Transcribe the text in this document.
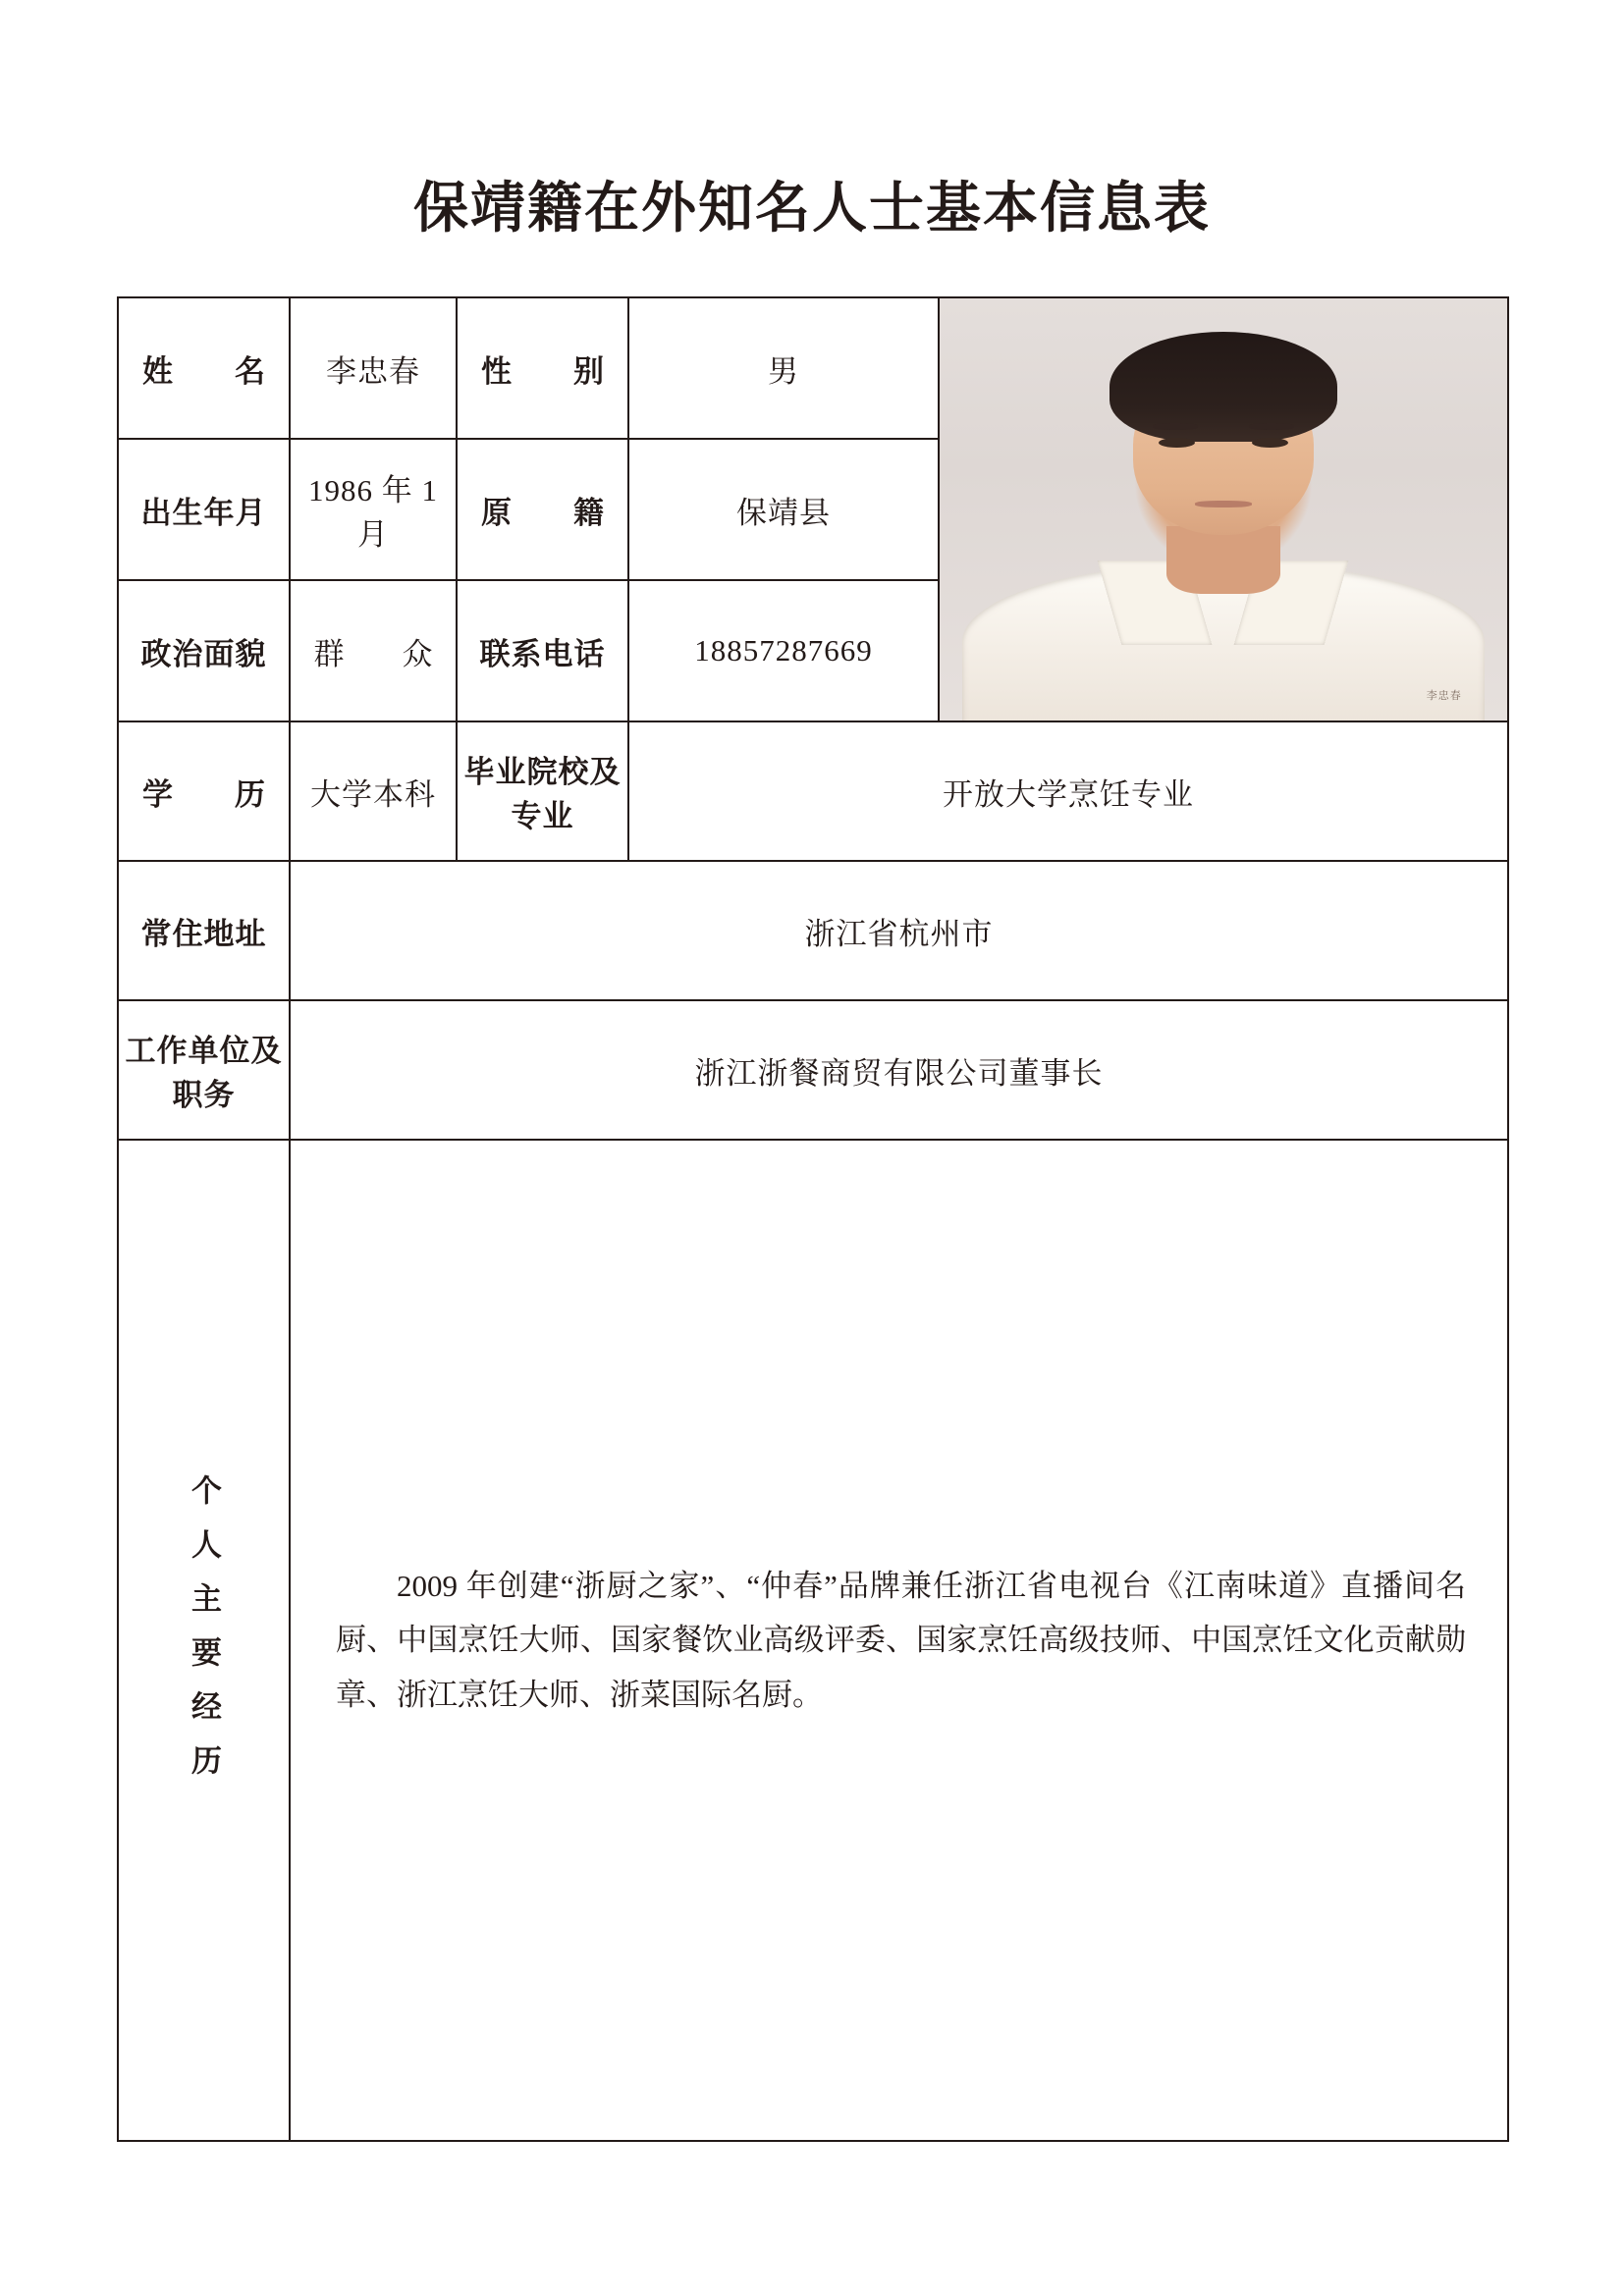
保靖籍在外知名人士基本信息表
姓　名	李忠春	性　别	男	李忠春

出生年月	1986 年 1 月	原　籍	保靖县	
政治面貌	群　众	联系电话	18857287669	
学　历	大学本科	毕业院校及专业	开放大学烹饪专业	
常住地址	浙江省杭州市			
工作单位及职务	浙江浙餐商贸有限公司董事长			
个人主要经历	2009 年创建“浙厨之家”、“仲春”品牌兼任浙江省电视台《江南味道》直播间名厨、中国烹饪大师、国家餐饮业高级评委、国家烹饪高级技师、中国烹饪文化贡献勋章、浙江烹饪大师、浙菜国际名厨。			
